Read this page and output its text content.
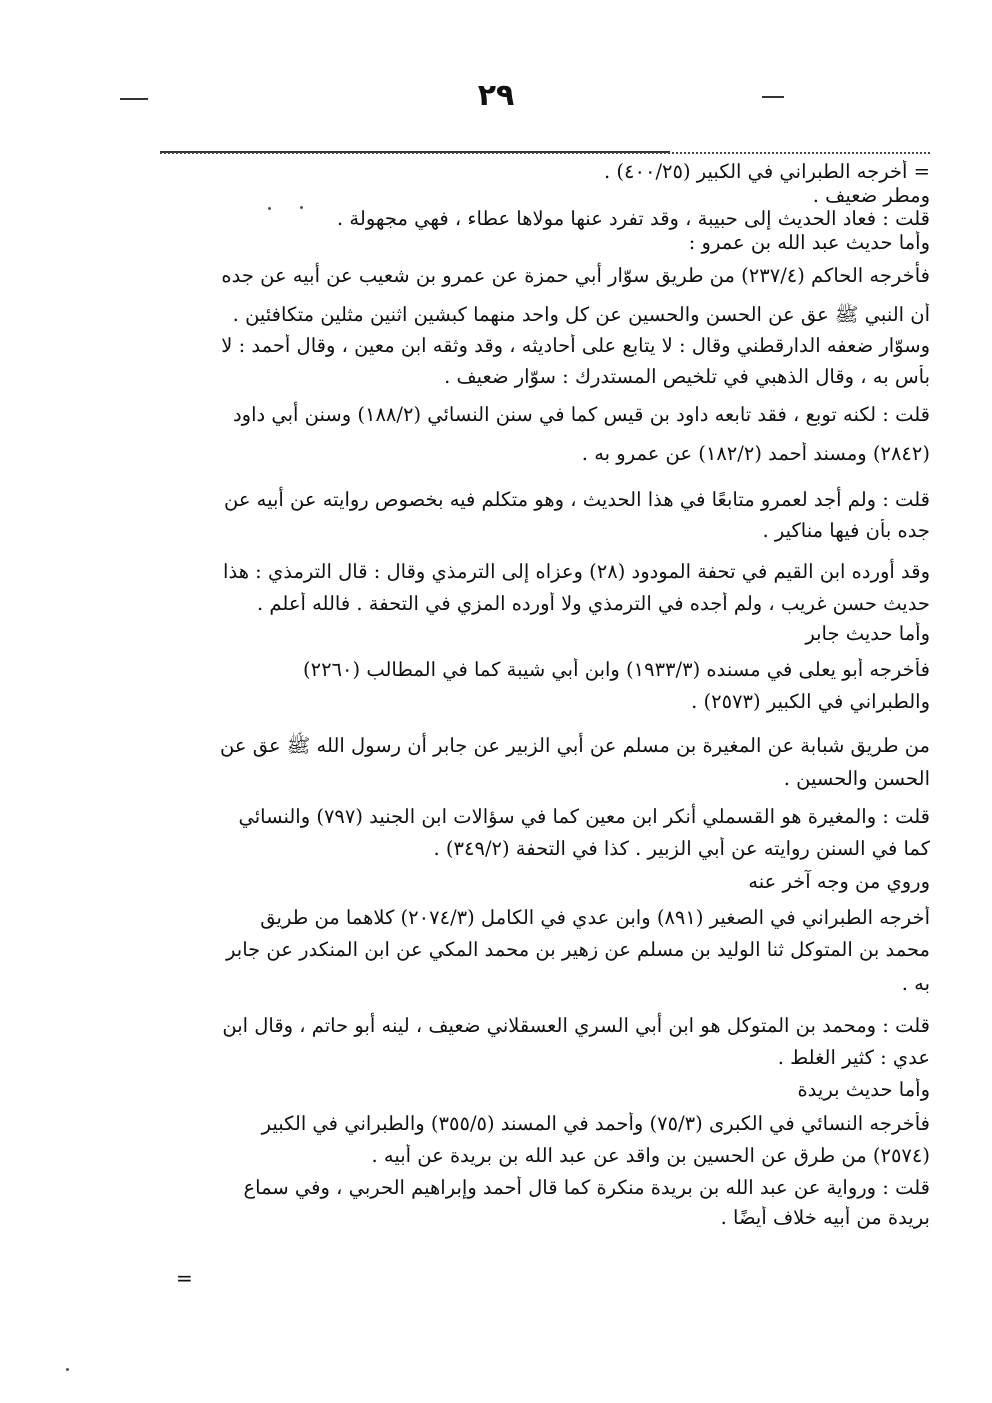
٢٩
= أخرجه الطبراني في الكبير (٤٠٠/٢٥) .
ومطر ضعيف .
قلت : فعاد الحديث إلى حبيبة ، وقد تفرد عنها مولاها عطاء ، فهي مجهولة .
وأما حديث عبد الله بن عمرو :
فأخرجه الحاكم (٢٣٧/٤) من طريق سوّار أبي حمزة عن عمرو بن شعيب عن أبيه عن جده
أن النبي ﷺ عق عن الحسن والحسين عن كل واحد منهما كبشين اثنين مثلين متكافئين .
وسوّار ضعفه الدارقطني وقال : لا يتابع على أحاديثه ، وقد وثقه ابن معين ، وقال أحمد : لا
بأس به ، وقال الذهبي في تلخيص المستدرك : سوّار ضعيف .
قلت : لكنه توبع ، فقد تابعه داود بن قيس كما في سنن النسائي (١٨٨/٢) وسنن أبي داود
(٢٨٤٢) ومسند أحمد (١٨٢/٢) عن عمرو به .
قلت : ولم أجد لعمرو متابعًا في هذا الحديث ، وهو متكلم فيه بخصوص روايته عن أبيه عن
جده بأن فيها مناكير .
وقد أورده ابن القيم في تحفة المودود (٢٨) وعزاه إلى الترمذي وقال : قال الترمذي : هذا
حديث حسن غريب ، ولم أجده في الترمذي ولا أورده المزي في التحفة . فالله أعلم .
وأما حديث جابر
فأخرجه أبو يعلى في مسنده (١٩٣٣/٣) وابن أبي شيبة كما في المطالب (٢٢٦٠)
والطبراني في الكبير (٢٥٧٣) .
من طريق شبابة عن المغيرة بن مسلم عن أبي الزبير عن جابر أن رسول الله ﷺ عق عن
الحسن والحسين .
قلت : والمغيرة هو القسملي أنكر ابن معين كما في سؤالات ابن الجنيد (٧٩٧) والنسائي
كما في السنن روايته عن أبي الزبير . كذا في التحفة (٣٤٩/٢) .
وروي من وجه آخر عنه
أخرجه الطبراني في الصغير (٨٩١) وابن عدي في الكامل (٢٠٧٤/٣) كلاهما من طريق
محمد بن المتوكل ثنا الوليد بن مسلم عن زهير بن محمد المكي عن ابن المنكدر عن جابر
به .
قلت : ومحمد بن المتوكل هو ابن أبي السري العسقلاني ضعيف ، لينه أبو حاتم ، وقال ابن
عدي : كثير الغلط .
وأما حديث بريدة
فأخرجه النسائي في الكبرى (٧٥/٣) وأحمد في المسند (٣٥٥/٥) والطبراني في الكبير
(٢٥٧٤) من طرق عن الحسين بن واقد عن عبد الله بن بريدة عن أبيه .
قلت : ورواية عن عبد الله بن بريدة منكرة كما قال أحمد وإبراهيم الحربي ، وفي سماع
بريدة من أبيه خلاف أيضًا .
=
